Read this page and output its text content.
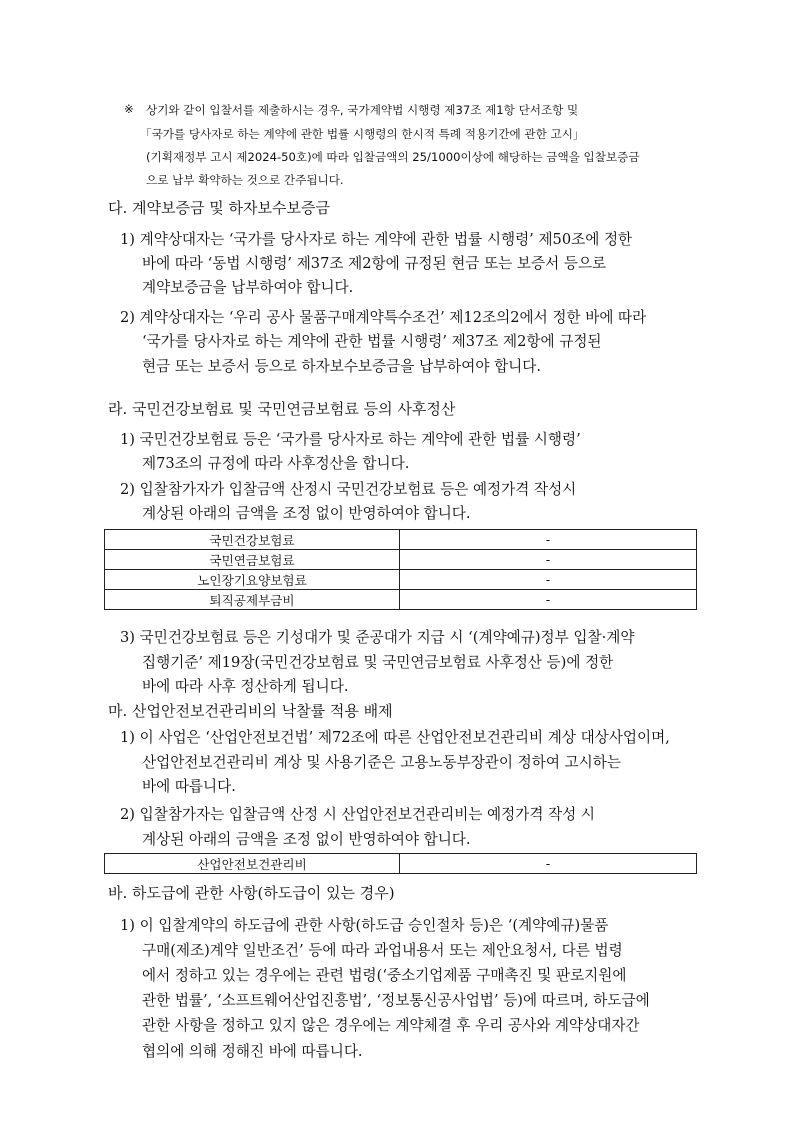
※ 상기와 같이 입찰서를 제출하시는 경우, 국가계약법 시행령 제37조 제1항 단서조항 및
「국가를 당사자로 하는 계약에 관한 법률 시행령의 한시적 특례 적용기간에 관한 고시」
(기획재정부 고시 제2024-50호)에 따라 입찰금액의 25/1000이상에 해당하는 금액을 입찰보증금
으로 납부 확약하는 것으로 간주됩니다.
다. 계약보증금 및 하자보수보증금
1) 계약상대자는 ‘국가를 당사자로 하는 계약에 관한 법률 시행령’ 제50조에 정한
바에 따라 ‘동법 시행령’ 제37조 제2항에 규정된 현금 또는 보증서 등으로
계약보증금을 납부하여야 합니다.
2) 계약상대자는 ‘우리 공사 물품구매계약특수조건’ 제12조의2에서 정한 바에 따라
‘국가를 당사자로 하는 계약에 관한 법률 시행령’ 제37조 제2항에 규정된
현금 또는 보증서 등으로 하자보수보증금을 납부하여야 합니다.
라. 국민건강보험료 및 국민연금보험료 등의 사후정산
1) 국민건강보험료 등은 ‘국가를 당사자로 하는 계약에 관한 법률 시행령’
제73조의 규정에 따라 사후정산을 합니다.
2) 입찰참가자가 입찰금액 산정시 국민건강보험료 등은 예정가격 작성시
계상된 아래의 금액을 조정 없이 반영하여야 합니다.
국민건강보험료	-
국민연금보험료	-
노인장기요양보험료	-
퇴직공제부금비	-
3) 국민건강보험료 등은 기성대가 및 준공대가 지급 시 ‘(계약예규)정부 입찰·계약
집행기준’ 제19장(국민건강보험료 및 국민연금보험료 사후정산 등)에 정한
바에 따라 사후 정산하게 됩니다.
마. 산업안전보건관리비의 낙찰률 적용 배제
1) 이 사업은 ‘산업안전보건법’ 제72조에 따른 산업안전보건관리비 계상 대상사업이며,
산업안전보건관리비 계상 및 사용기준은 고용노동부장관이 정하여 고시하는
바에 따릅니다.
2) 입찰참가자는 입찰금액 산정 시 산업안전보건관리비는 예정가격 작성 시
계상된 아래의 금액을 조정 없이 반영하여야 합니다.
산업안전보건관리비	-
바. 하도급에 관한 사항(하도급이 있는 경우)
1) 이 입찰계약의 하도급에 관한 사항(하도급 승인절차 등)은 ‘(계약예규)물품
구매(제조)계약 일반조건’ 등에 따라 과업내용서 또는 제안요청서, 다른 법령
에서 정하고 있는 경우에는 관련 법령(‘중소기업제품 구매촉진 및 판로지원에
관한 법률’, ‘소프트웨어산업진흥법’, ‘정보통신공사업법’ 등)에 따르며, 하도급에
관한 사항을 정하고 있지 않은 경우에는 계약체결 후 우리 공사와 계약상대자간
협의에 의해 정해진 바에 따릅니다.
